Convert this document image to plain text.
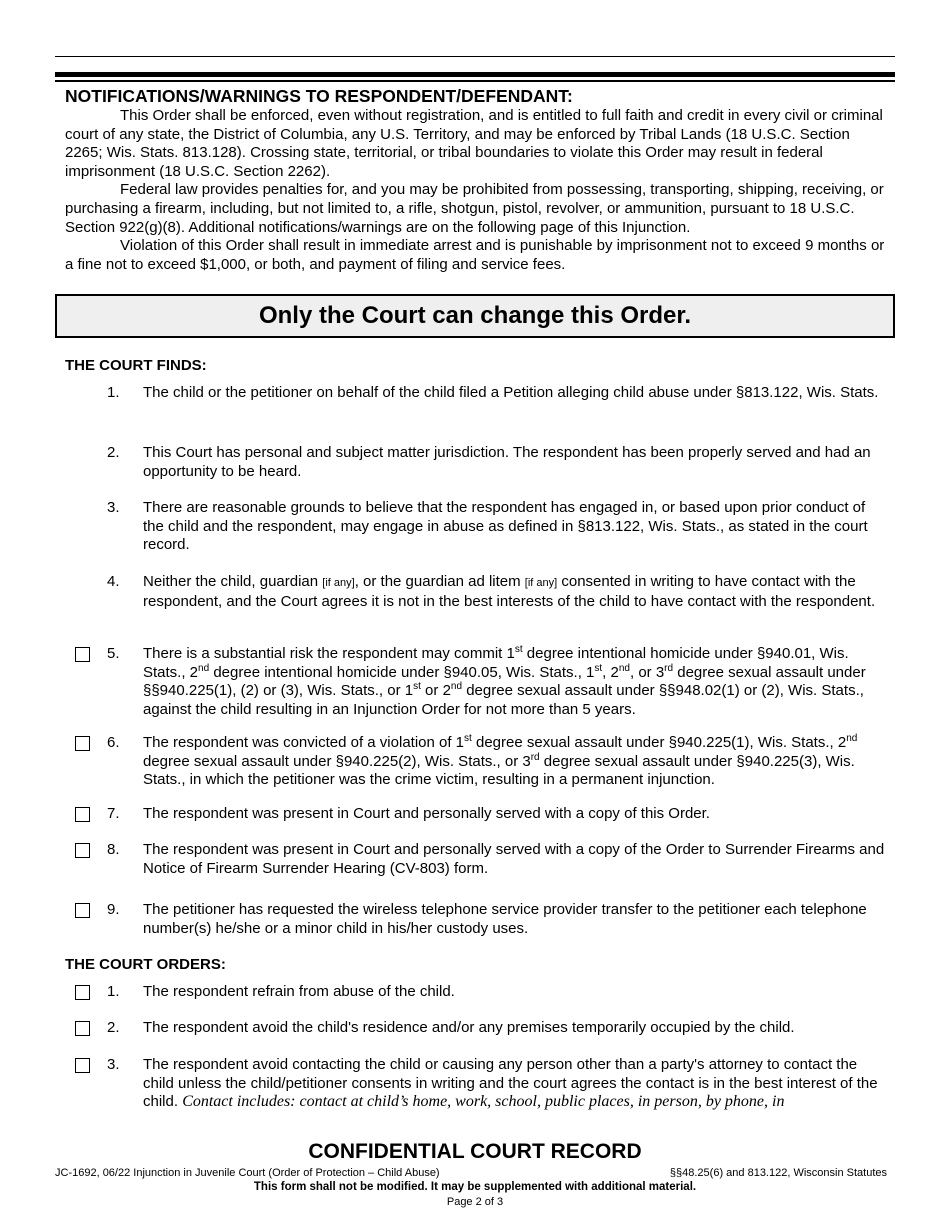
NOTIFICATIONS/WARNINGS TO RESPONDENT/DEFENDANT:

This Order shall be enforced, even without registration, and is entitled to full faith and credit in every civil or criminal court of any state, the District of Columbia, any U.S. Territory, and may be enforced by Tribal Lands (18 U.S.C. Section 2265; Wis. Stats. 813.128). Crossing state, territorial, or tribal boundaries to violate this Order may result in federal imprisonment (18 U.S.C. Section 2262).

Federal law provides penalties for, and you may be prohibited from possessing, transporting, shipping, receiving, or purchasing a firearm, including, but not limited to, a rifle, shotgun, pistol, revolver, or ammunition, pursuant to 18 U.S.C. Section 922(g)(8). Additional notifications/warnings are on the following page of this Injunction.

Violation of this Order shall result in immediate arrest and is punishable by imprisonment not to exceed 9 months or a fine not to exceed $1,000, or both, and payment of filing and service fees.

Only the Court can change this Order.
THE COURT FINDS:
1. The child or the petitioner on behalf of the child filed a Petition alleging child abuse under §813.122, Wis. Stats.
2. This Court has personal and subject matter jurisdiction. The respondent has been properly served and had an opportunity to be heard.
3. There are reasonable grounds to believe that the respondent has engaged in, or based upon prior conduct of the child and the respondent, may engage in abuse as defined in §813.122, Wis. Stats., as stated in the court record.
4. Neither the child, guardian [if any], or the guardian ad litem [if any] consented in writing to have contact with the respondent, and the Court agrees it is not in the best interests of the child to have contact with the respondent.
5. There is a substantial risk the respondent may commit 1st degree intentional homicide under §940.01, Wis. Stats., 2nd degree intentional homicide under §940.05, Wis. Stats., 1st, 2nd, or 3rd degree sexual assault under §§940.225(1), (2) or (3), Wis. Stats., or 1st or 2nd degree sexual assault under §§948.02(1) or (2), Wis. Stats., against the child resulting in an Injunction Order for not more than 5 years.
6. The respondent was convicted of a violation of 1st degree sexual assault under §940.225(1), Wis. Stats., 2nd degree sexual assault under §940.225(2), Wis. Stats., or 3rd degree sexual assault under §940.225(3), Wis. Stats., in which the petitioner was the crime victim, resulting in a permanent injunction.
7. The respondent was present in Court and personally served with a copy of this Order.
8. The respondent was present in Court and personally served with a copy of the Order to Surrender Firearms and Notice of Firearm Surrender Hearing (CV-803) form.
9. The petitioner has requested the wireless telephone service provider transfer to the petitioner each telephone number(s) he/she or a minor child in his/her custody uses.
THE COURT ORDERS:
1. The respondent refrain from abuse of the child.
2. The respondent avoid the child's residence and/or any premises temporarily occupied by the child.
3. The respondent avoid contacting the child or causing any person other than a party's attorney to contact the child unless the child/petitioner consents in writing and the court agrees the contact is in the best interest of the child. Contact includes: contact at child’s home, work, school, public places, in person, by phone, in
CONFIDENTIAL COURT RECORD
JC-1692, 06/22 Injunction in Juvenile Court (Order of Protection – Child Abuse)	§§48.25(6) and 813.122, Wisconsin Statutes
This form shall not be modified. It may be supplemented with additional material.
Page 2 of 3
